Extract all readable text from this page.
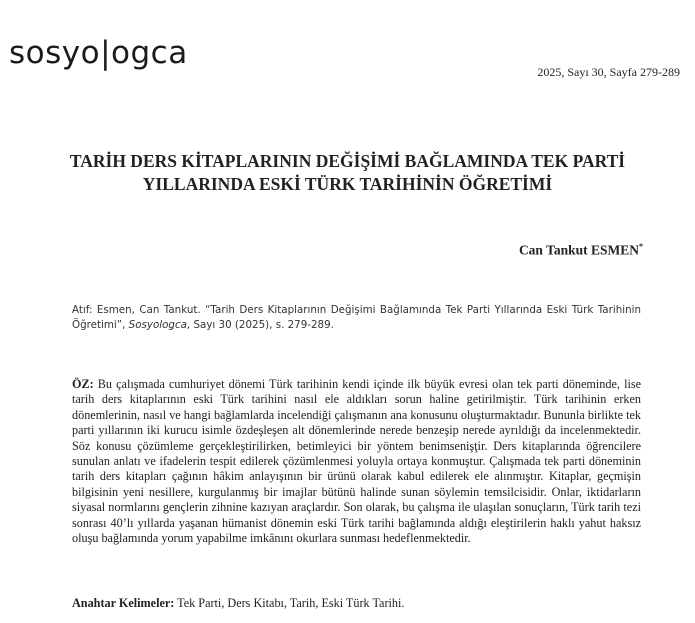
sosyo|ogca
2025, Sayı 30, Sayfa 279-289
TARİH DERS KİTAPLARININ DEĞİŞİMİ BAĞLAMINDA TEK PARTİ YILLARINDA ESKİ TÜRK TARİHİNİN ÖĞRETİMİ
Can Tankut ESMEN*
Atıf: Esmen, Can Tankut. “Tarih Ders Kitaplarının Değişimi Bağlamında Tek Parti Yıllarında Eski Türk Tarihinin Öğretimi”, Sosyoloǥca, Sayı 30 (2025), s. 279-289.
ÖZ: Bu çalışmada cumhuriyet dönemi Türk tarihinin kendi içinde ilk büyük evresi olan tek parti döneminde, lise tarih ders kitaplarının eski Türk tarihini nasıl ele aldıkları sorun haline getirilmiştir. Türk tarihinin erken dönemlerinin, nasıl ve hangi bağlamlarda incelendiği çalışmanın ana konusunu oluşturmaktadır. Bununla birlikte tek parti yıllarının iki kurucu isimle özdeşleşen alt dönemlerinde nerede benzeşip nerede ayrıldığı da incelenmektedir. Söz konusu çözümleme gerçekleştirilirken, betimleyici bir yöntem benimsenişţir. Ders kitaplarında öğrencilere sunulan anlatı ve ifadelerin tespit edilerek çözümlenmesi yoluyla ortaya konmuştur. Çalışmada tek parti döneminin tarih ders kitapları çağının hâkim anlayışının bir ürünü olarak kabul edilerek ele alınmıştır. Kitaplar, geçmişin bilgisinin yeni nesillere, kurgulanmış bir imajlar bütünü halinde sunan söylemin temsilcisidir. Onlar, iktidarların siyasal normlarını gençlerin zihnine kazıyan araçlardır. Son olarak, bu çalışma ile ulaşılan sonuçların, Türk tarih tezi sonrası 40’lı yıllarda yaşanan hümanist dönemin eski Türk tarihi bağlamında aldığı eleştirilerin haklı yahut haksız oluşu bağlamında yorum yapabilme imkânını okurlara sunması hedeflenmektedir.
Anahtar Kelimeler: Tek Parti, Ders Kitabı, Tarih, Eski Türk Tarihi.
